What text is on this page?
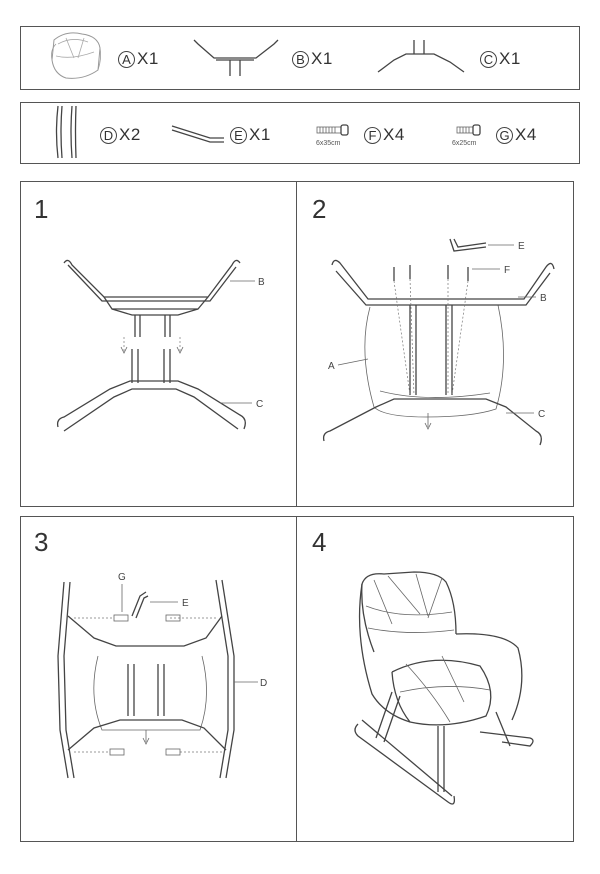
A X1	B X1	C X1
D X2	E X1	6x35cm
F X4	6x25cm
G X4
1	2
3	4
B
C
E
F
B
A
C
G
E
D
